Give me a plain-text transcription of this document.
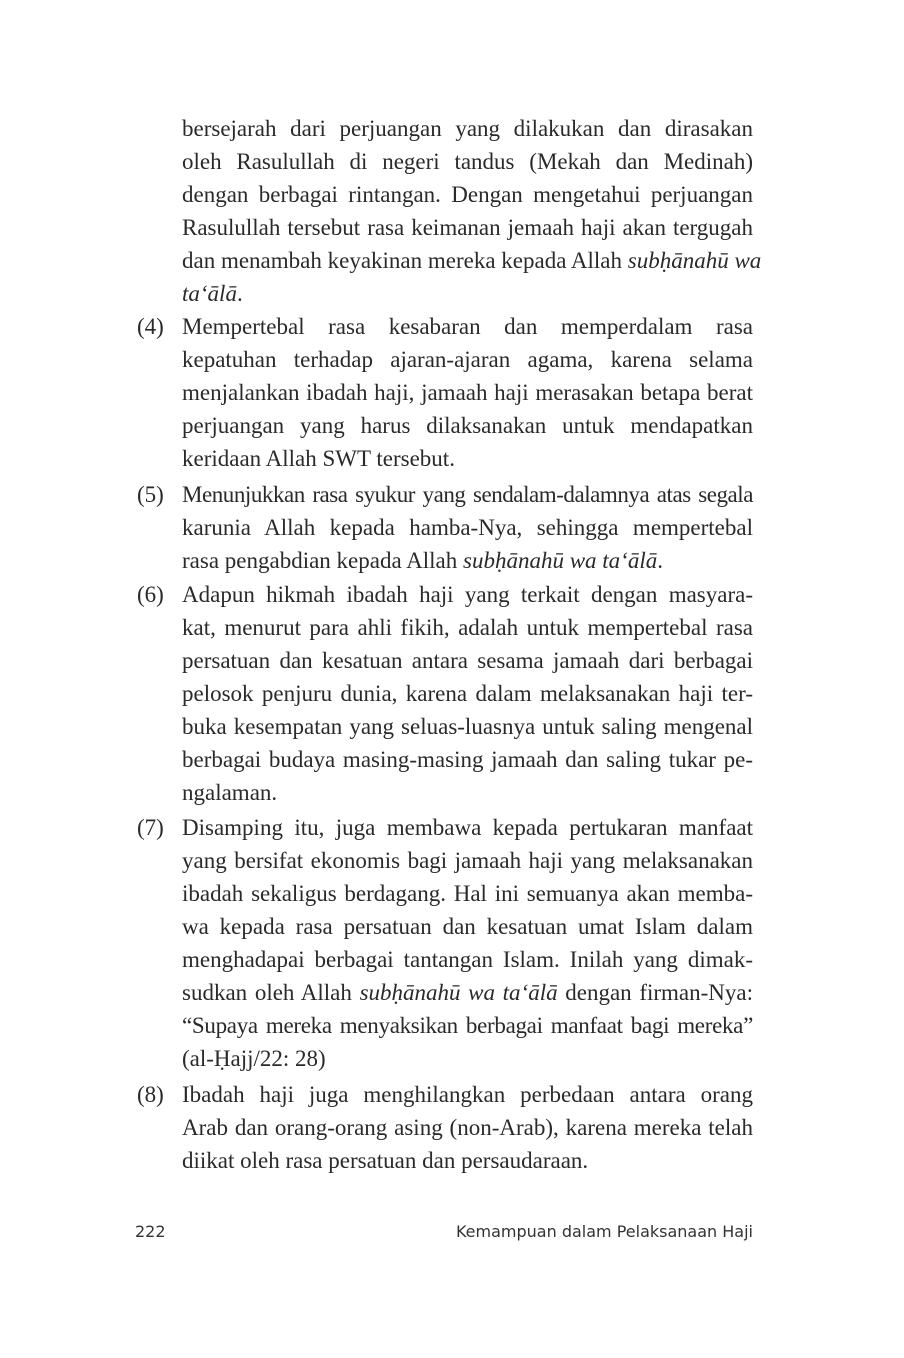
bersejarah dari perjuangan yang dilakukan dan dirasakan
oleh Rasulullah di negeri tandus (Mekah dan Medinah)
dengan berbagai rintangan. Dengan mengetahui perjuangan
Rasulullah tersebut rasa keimanan jemaah haji akan tergugah
dan menambah keyakinan mereka kepada Allah subḥānahū wa
ta‘ālā.
(4) Mempertebal rasa kesabaran dan memperdalam rasa
kepatuhan terhadap ajaran-ajaran agama, karena selama
menjalankan ibadah haji, jamaah haji merasakan betapa berat
perjuangan yang harus dilaksanakan untuk mendapatkan
keridaan Allah SWT tersebut.
(5) Menunjukkan rasa syukur yang sendalam-dalamnya atas segala
karunia Allah kepada hamba-Nya, sehingga mempertebal
rasa pengabdian kepada Allah subḥānahū wa ta‘ālā.
(6) Adapun hikmah ibadah haji yang terkait dengan masyara-
kat, menurut para ahli fikih, adalah untuk mempertebal rasa
persatuan dan kesatuan antara sesama jamaah dari berbagai
pelosok penjuru dunia, karena dalam melaksanakan haji ter-
buka kesempatan yang seluas-luasnya untuk saling mengenal
berbagai budaya masing-masing jamaah dan saling tukar pe-
ngalaman.
(7) Disamping itu, juga membawa kepada pertukaran manfaat
yang bersifat ekonomis bagi jamaah haji yang melaksanakan
ibadah sekaligus berdagang. Hal ini semuanya akan memba-
wa kepada rasa persatuan dan kesatuan umat Islam dalam
menghadapai berbagai tantangan Islam. Inilah yang dimak-
sudkan oleh Allah subḥānahū wa ta‘ālā dengan firman-Nya:
“Supaya mereka menyaksikan berbagai manfaat bagi mereka”
(al-Ḥajj/22: 28)
(8) Ibadah haji juga menghilangkan perbedaan antara orang
Arab dan orang-orang asing (non-Arab), karena mereka telah
diikat oleh rasa persatuan dan persaudaraan.
222	Kemampuan dalam Pelaksanaan Haji
